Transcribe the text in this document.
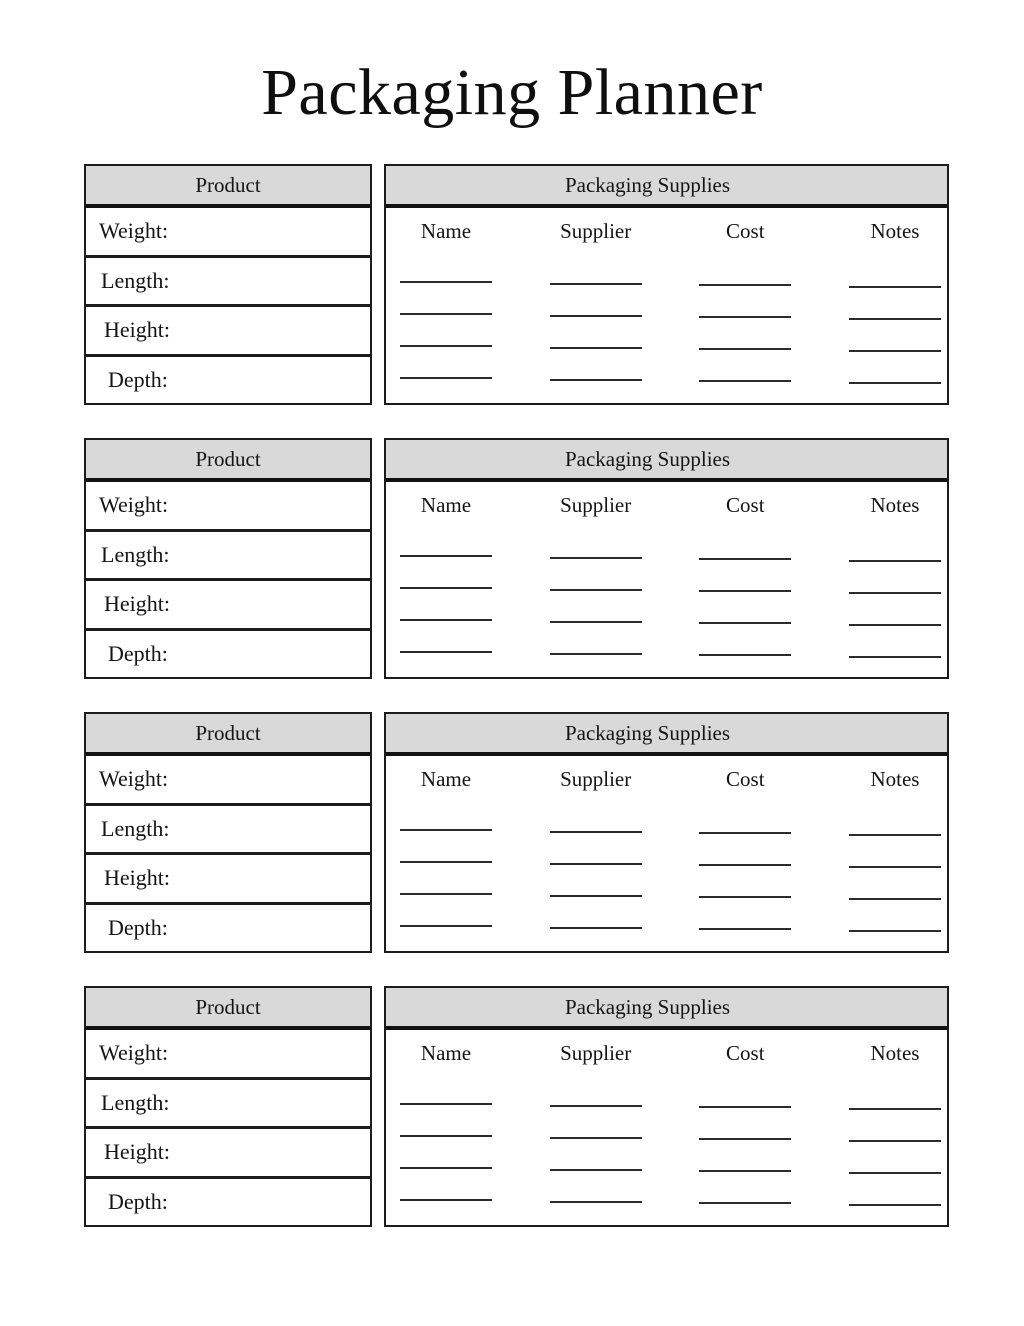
Packaging Planner
Product
Weight:
Length:
Height:
Depth:
Packaging Supplies
Name	Supplier	Cost	Notes
Product
Weight:
Length:
Height:
Depth:
Packaging Supplies
Name	Supplier	Cost	Notes
Product
Weight:
Length:
Height:
Depth:
Packaging Supplies
Name	Supplier	Cost	Notes
Product
Weight:
Length:
Height:
Depth:
Packaging Supplies
Name	Supplier	Cost	Notes
